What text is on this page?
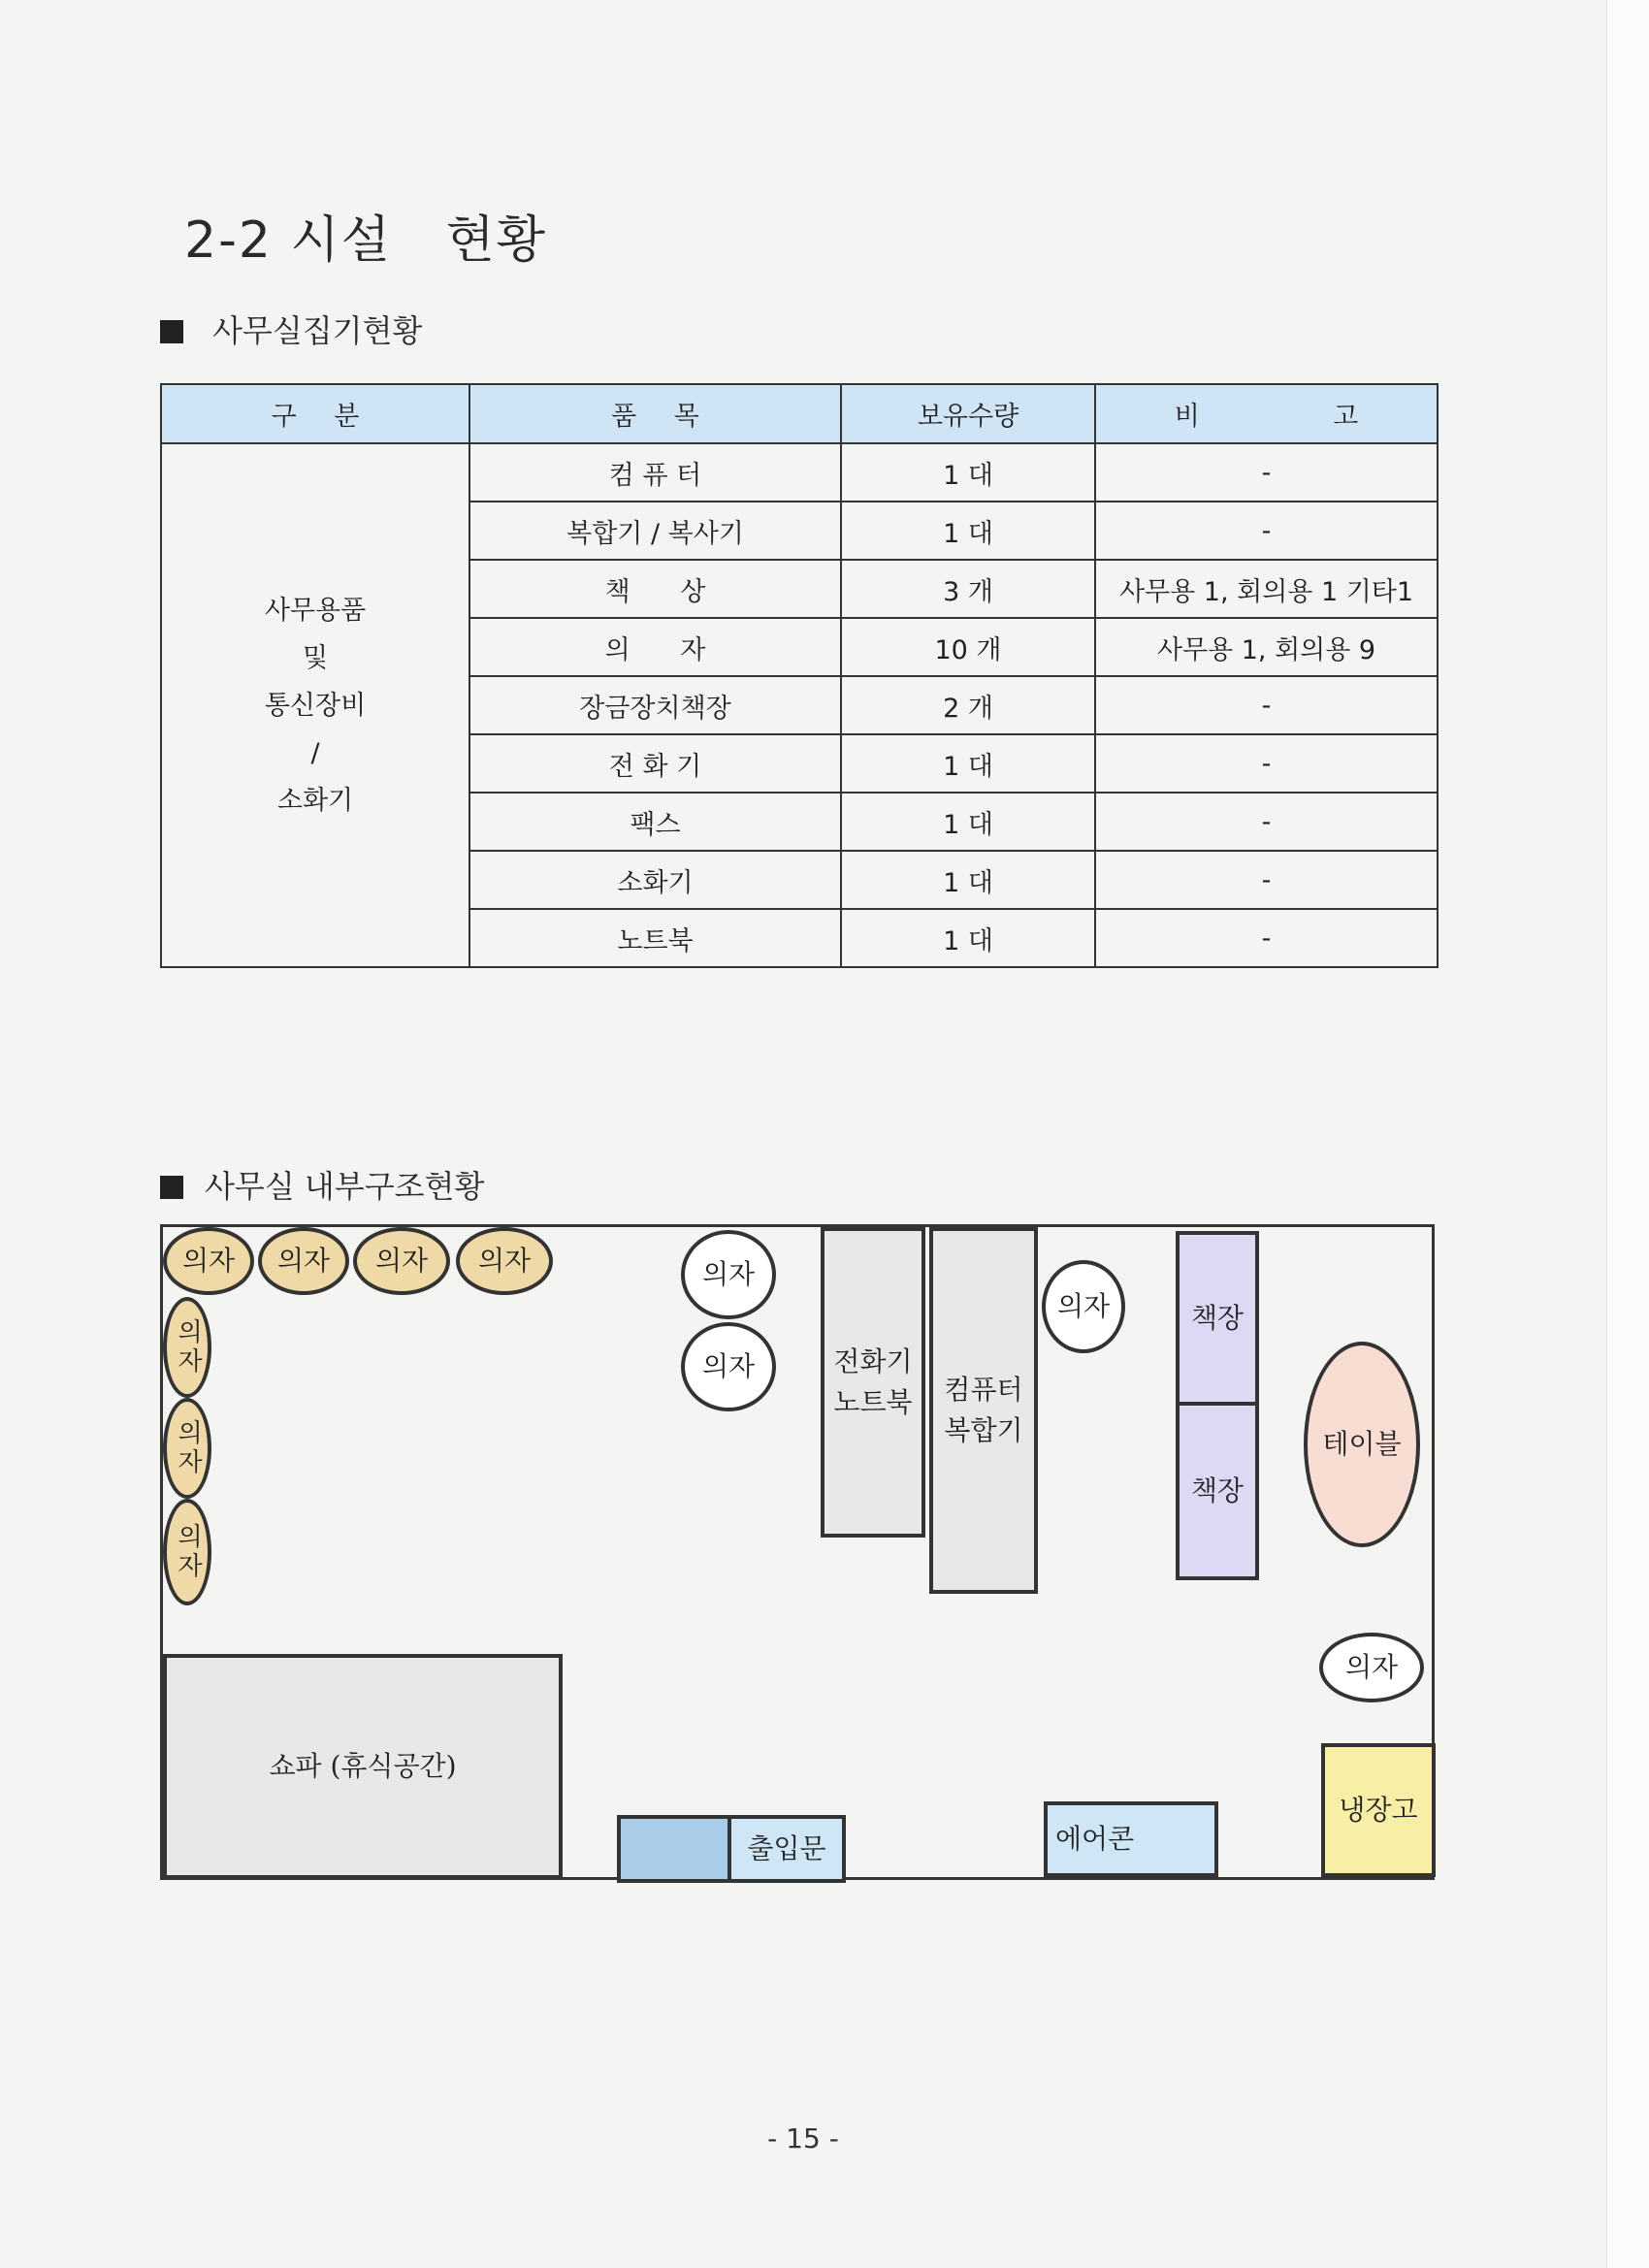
2-2 시설   현황
사무실집기현황
구 분	품 목	보유수량	비                고
사무용품
및
통신장비
/
소화기	컴 퓨 터	1 대	-
	복합기 / 복사기	1 대	-
	책      상	3 개	사무용 1, 회의용 1 기타1
	의      자	10 개	사무용 1, 회의용 9
	장금장치책장	2 개	-
	전 화 기	1 대	-
	팩스	1 대	-
	소화기	1 대	-
	노트북	1 대	-
사무실 내부구조현황
의자	의자	의자	의자
의자
의자
의자
의자
의자
의자
의자
전화기
노트북	컴퓨터
복합기
책장
책장
테이블
쇼파 (휴식공간)
출입문	에어콘
냉장고
- 15 -
